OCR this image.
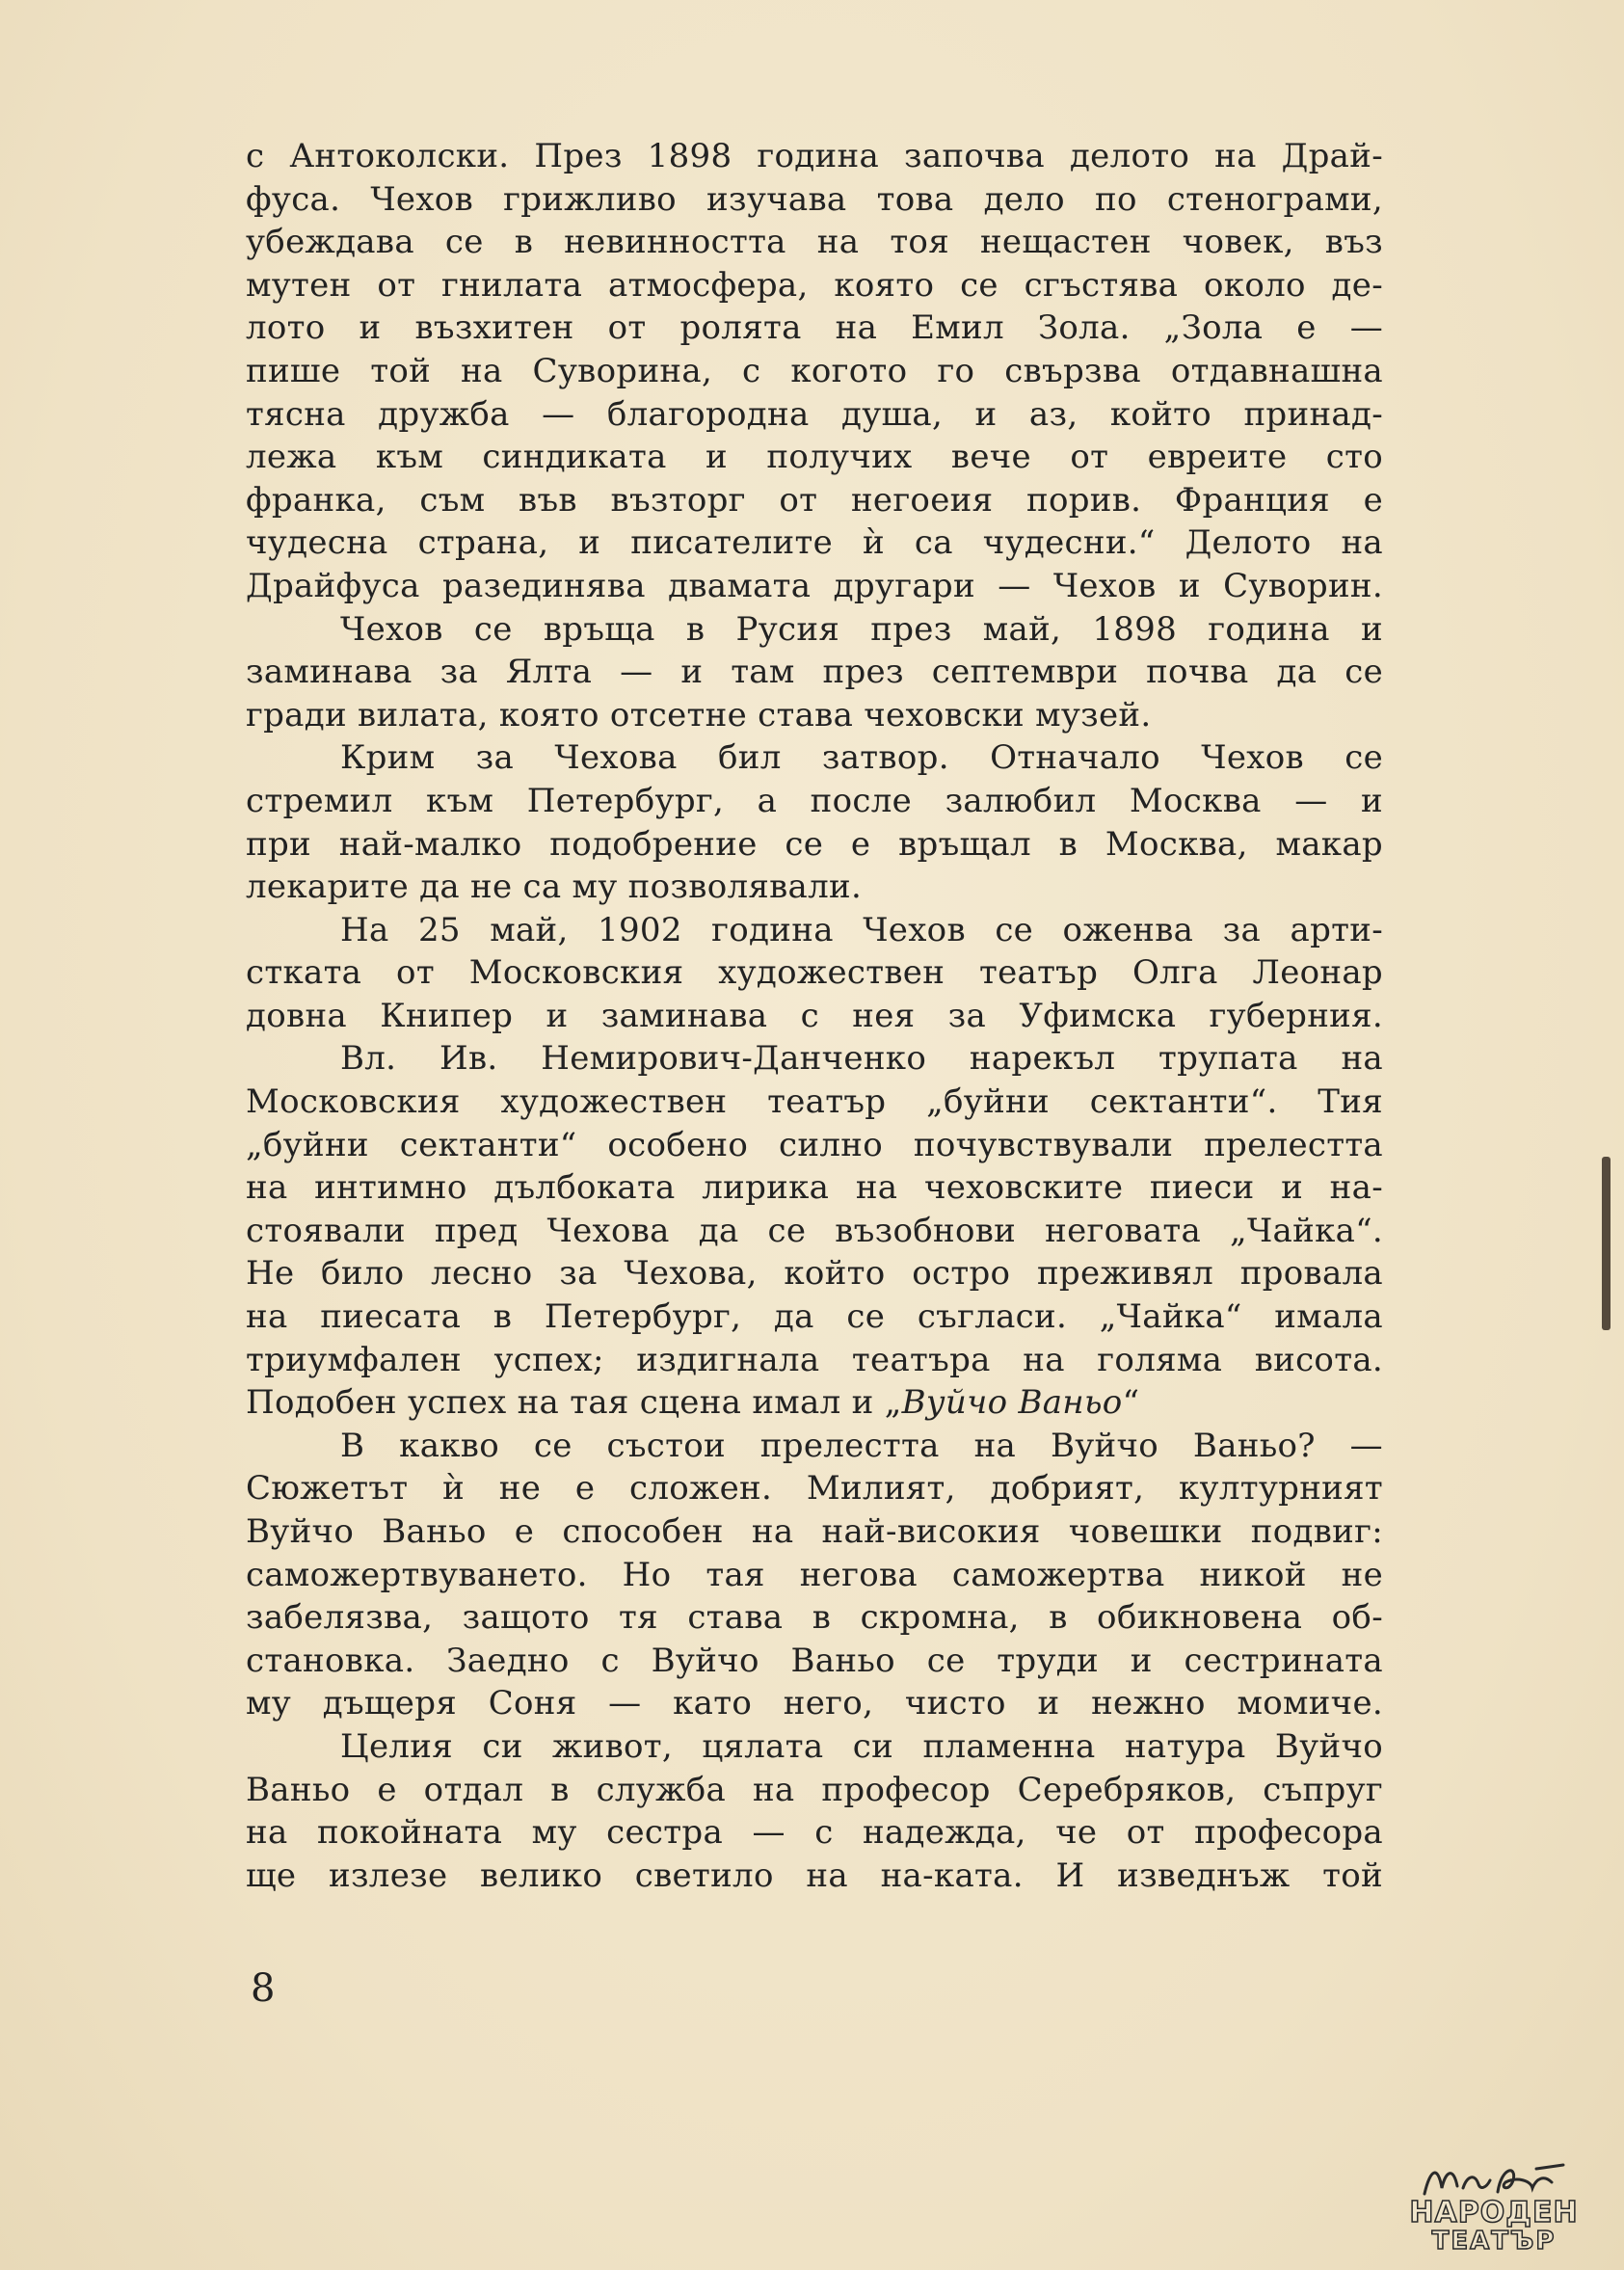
с Антоколски. През 1898 година започва делото на Драй-
фуса. Чехов грижливо изучава това дело по стенограми,
убеждава се в невинността на тоя нещастен човек, въз
мутен от гнилата атмосфера, която се сгъстява около де-
лото и възхитен от ролята на Емил Зола. „Зола е —
пише той на Суворина, с когото го свързва отдавнашна
тясна дружба — благородна душа, и аз, който принад-
лежа към синдиката и получих вече от евреите сто
франка, съм във възторг от негоеия порив. Франция е
чудесна страна, и писателите ѝ са чудесни.“ Делото на
Драйфуса разединява двамата другари — Чехов и Суворин.
Чехов се връща в Русия през май, 1898 година и
заминава за Ялта — и там през септември почва да се
гради вилата, която отсетне става чеховски музей.
Крим за Чехова бил затвор. Отначало Чехов се
стремил към Петербург, а после залюбил Москва — и
при най-малко подобрение се е връщал в Москва, макар
лекарите да не са му позволявали.
На 25 май, 1902 година Чехов се оженва за арти-
стката от Московския художествен театър Олга Леонар
довна Книпер и заминава с нея за Уфимска губерния.
Вл. Ив. Немирович-Данченко нарекъл трупата на
Московския художествен театър „буйни сектанти“. Тия
„буйни сектанти“ особено силно почувствували прелестта
на интимно дълбоката лирика на чеховските пиеси и на-
стоявали пред Чехова да се възобнови неговата „Чайка“.
Не било лесно за Чехова, който остро преживял провала
на пиесата в Петербург, да се съгласи. „Чайка“ имала
триумфален успех; издигнала театъра на голяма висота.
Подобен успех на тая сцена имал и „Вуйчо Ваньо“
В какво се състои прелестта на Вуйчо Ваньо? —
Сюжетът ѝ не е сложен. Милият, добрият, културният
Вуйчо Ваньо е способен на най-високия човешки подвиг:
саможертвуването. Но тая негова саможертва никой не
забелязва, защото тя става в скромна, в обикновена об-
становка. Заедно с Вуйчо Ваньо се труди и сестрината
му дъщеря Соня — като него, чисто и нежно момиче.
Целия си живот, цялата си пламенна натура Вуйчо
Ваньо е отдал в служба на професор Серебряков, съпруг
на покойната му сестра — с надежда, че от професора
ще излезе велико светило на на-ката. И изведнъж той
8
НАРОДЕН
ТЕАТЪР
